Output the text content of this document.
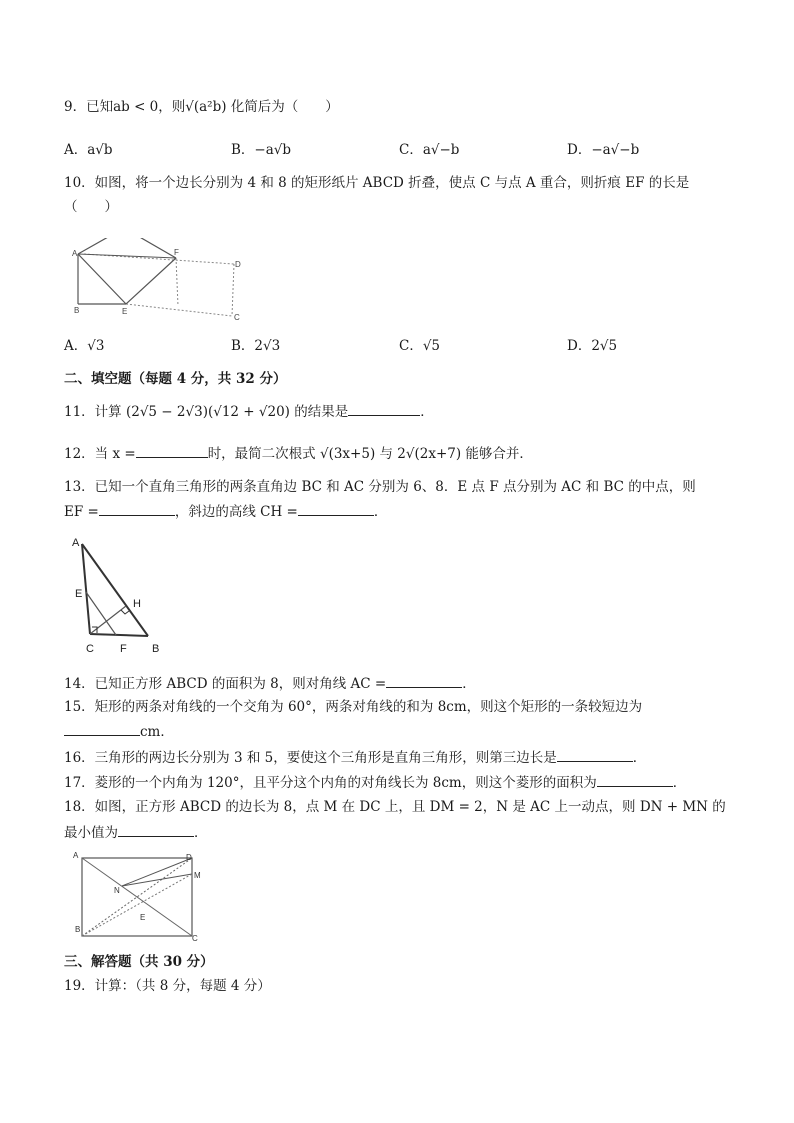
9．已知ab < 0，则√(a²b) 化简后为（　　）
A．a√b	B．−a√b	C．a√−b	D．−a√−b
10．如图，将一个边长分别为 4 和 8 的矩形纸片 ABCD 折叠，使点 C 与点 A 重合，则折痕 EF 的长是
（　　）
A
B	E
F
D
C
A．√3	B．2√3	C．√5	D．2√5
二、填空题（每题 4 分，共 32 分）
11．计算 (2√5 − 2√3)(√12 + √20) 的结果是	．
12．当 x =	时，最简二次根式 √(3x+5) 与 2√(2x+7) 能够合并．
13．已知一个直角三角形的两条直角边 BC 和 AC 分别为 6、8．E 点 F 点分别为 AC 和 BC 的中点，则
EF =	，斜边的高线 CH =	．
A
E
H
C F B
14．已知正方形 ABCD 的面积为 8，则对角线 AC =	．
15．矩形的两条对角线的一个交角为 60°，两条对角线的和为 8cm，则这个矩形的一条较短边为
cm．
16．三角形的两边长分别为 3 和 5，要使这个三角形是直角三角形，则第三边长是	．
17．菱形的一个内角为 120°，且平分这个内角的对角线长为 8cm，则这个菱形的面积为	．
18．如图，正方形 ABCD 的边长为 8，点 M 在 DC 上，且 DM = 2，N 是 AC 上一动点，则 DN + MN 的
最小值为	．
A	D
M
N
E
B
C
三、解答题（共 30 分）
19．计算：（共 8 分，每题 4 分）
